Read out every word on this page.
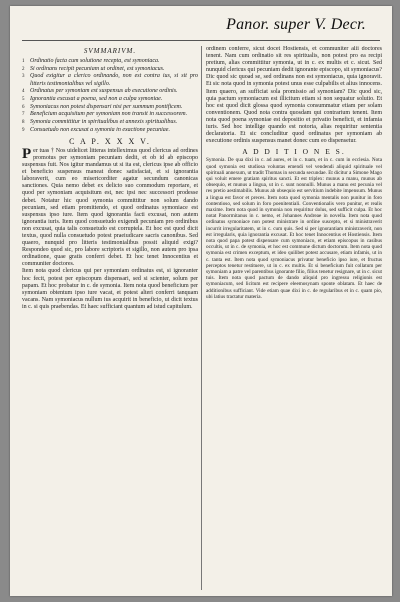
Panor. super V. Decr.
SVMMARIVM.
1 Ordinatio facta cum solutione recepta, est symoniaca.
2 Si ordinans recipit pecuniam ut ordinet, est symoniacus.
3 Quod exigitur a clerico ordinando, non est contra ius, si sit pro litteris testimonialibus vel sigillo.
4 Ordinatus per symoniam est suspensus ab executione ordinis.
5 Ignorantia excusat a poena, sed non a culpa symoniae.
6 Symoniacus non potest dispensari nisi per summum pontificem.
7 Beneficium acquisitum per symoniam non transit in successorem.
8 Symonia committitur in spiritualibus et annexis spiritualibus.
9 Consuetudo non excusat a symonia in exactione pecuniae.
C A P. X X X V.

Per tuas † Nos uidelicet litteras intelleximus quod clericus ad ordines promotus per symoniam pecuniam dedit, et ob id ab episcopo suspensus fuit. Nos igitur mandamus ut si ita est, clericus ipse ab officio et beneficio suspensus maneat donec satisfaciat, et si ignorantia laboraverit, cum eo misericorditer agatur secundum canonicas sanctiones. Quia nemo debet ex delicto suo commodum reportare, et quod per symoniam acquisitum est, nec ipsi nec successori prodesse debet. Notatur hic quod symonia committitur non solum dando pecuniam, sed etiam promittendo, et quod ordinatus symoniace est suspensus ipso iure. Item quod ignorantia facti excusat, non autem ignorantia iuris. Item quod consuetudo exigendi pecuniam pro ordinibus non excusat, quia talis consuetudo est corruptela. Et hoc est quod dicit textus, quod nulla consuetudo potest praeiudicare sacris canonibus. Sed quaero, nunquid pro litteris testimonialibus possit aliquid exigi? Respondeo quod sic, pro labore scriptoris et sigillo, non autem pro ipsa ordinatione, quae gratis conferri debet. Et hoc tenet Innocentius et communiter doctores.

Item nota quod clericus qui per symoniam ordinatus est, si ignoranter hoc fecit, potest per episcopum dispensari, sed si scienter, solum per papam. Et hoc probatur in c. de symonia. Item nota quod beneficium per symoniam obtentum ipso iure vacat, et potest alteri conferri tanquam vacans. Nam symoniacus nullum ius acquirit in beneficio, ut dicit textus in c. si quis praebendas. Et haec sufficiant quantum ad istud capitulum.

ordinem conferre, sicut docet Hostiensis, et communiter alii doctores tenent. Nam cum ordinatio sit res spiritualis, non potest pro ea recipi pretium, alias committitur symonia, ut in c. ex multis et c. sicut. Sed nunquid clericus qui pecuniam dedit ignorante episcopo, sit symoniacus? Dic quod sic quoad se, sed ordinans non est symoniacus, quia ignoravit. Et sic nota quod in symonia potest unus esse culpabilis et alius innocens. Item quaero, an sufficiat sola promissio ad symoniam? Dic quod sic, quia pactum symoniacum est illicitum etiam si non sequatur solutio. Et hoc est quod dicit glossa quod symonia consummatur etiam per solam conventionem. Quod nota contra quosdam qui contrarium tenent. Item nota quod poena symoniae est depositio et privatio beneficii, et infamia iuris. Sed hoc intellige quando est notoria, alias requiritur sententia declaratoria. Et sic concluditur quod ordinatus per symoniam ab executione ordinis suspensus manet donec cum eo dispensetur.

A D D I T I O N E S.

Symonia. De qua dixi in c. ad aures, et in c. tuam, et in c. cum in ecclesia. Nota quod symonia est studiosa voluntas emendi vel vendendi aliquid spirituale vel spirituali annexum, ut tradit Thomas in secunda secundae. Et dicitur a Simone Mago qui voluit emere gratiam spiritus sancti. Et est triplex: munus a manu, munus ab obsequio, et munus a lingua, ut in c. sunt nonnulli. Munus a manu est pecunia vel res pretio aestimabilis. Munus ab obsequio est servitium indebite impensum. Munus a lingua est favor et preces. Item nota quod symonia mentalis non punitur in foro contentioso, sed solum in foro poenitentiali. Conventionalis vero punitur, et realis maxime. Item nota quod in symonia non requiritur dolus, sed sufficit culpa. Et hoc notat Panormitanus in c. nemo, et Johannes Andreae in novella. Item nota quod ordinatus symoniace non potest ministrare in ordine suscepto, et si ministraverit incurrit irregularitatem, ut in c. cum quis. Sed si per ignorantiam ministraverit, non est irregularis, quia ignorantia excusat. Et hoc tenet Innocentius et Hostiensis. Item nota quod papa potest dispensare cum symoniaco, et etiam episcopus in casibus occultis, ut in c. de symonia, et hoc est commune dictum doctorum. Item nota quod symonia est crimen exceptum, et ideo quilibet potest accusare, etiam infamis, ut in c. tanta est. Item nota quod symoniacus privatur beneficio ipso iure, et fructus perceptos tenetur restituere, ut in c. ex multis. Et si beneficium fuit collatum per symoniam a patre vel parentibus ignorante filio, filius tenetur resignare, ut in c. sicut tuis. Item nota quod pactum de dando aliquid pro ingressu religionis est symoniacum, sed licitum est recipere eleemosynam sponte oblatam. Et haec de additionibus sufficiant. Vide etiam quae dixi in c. de regularibus et in c. quam pio, ubi latius tractatur materia.
